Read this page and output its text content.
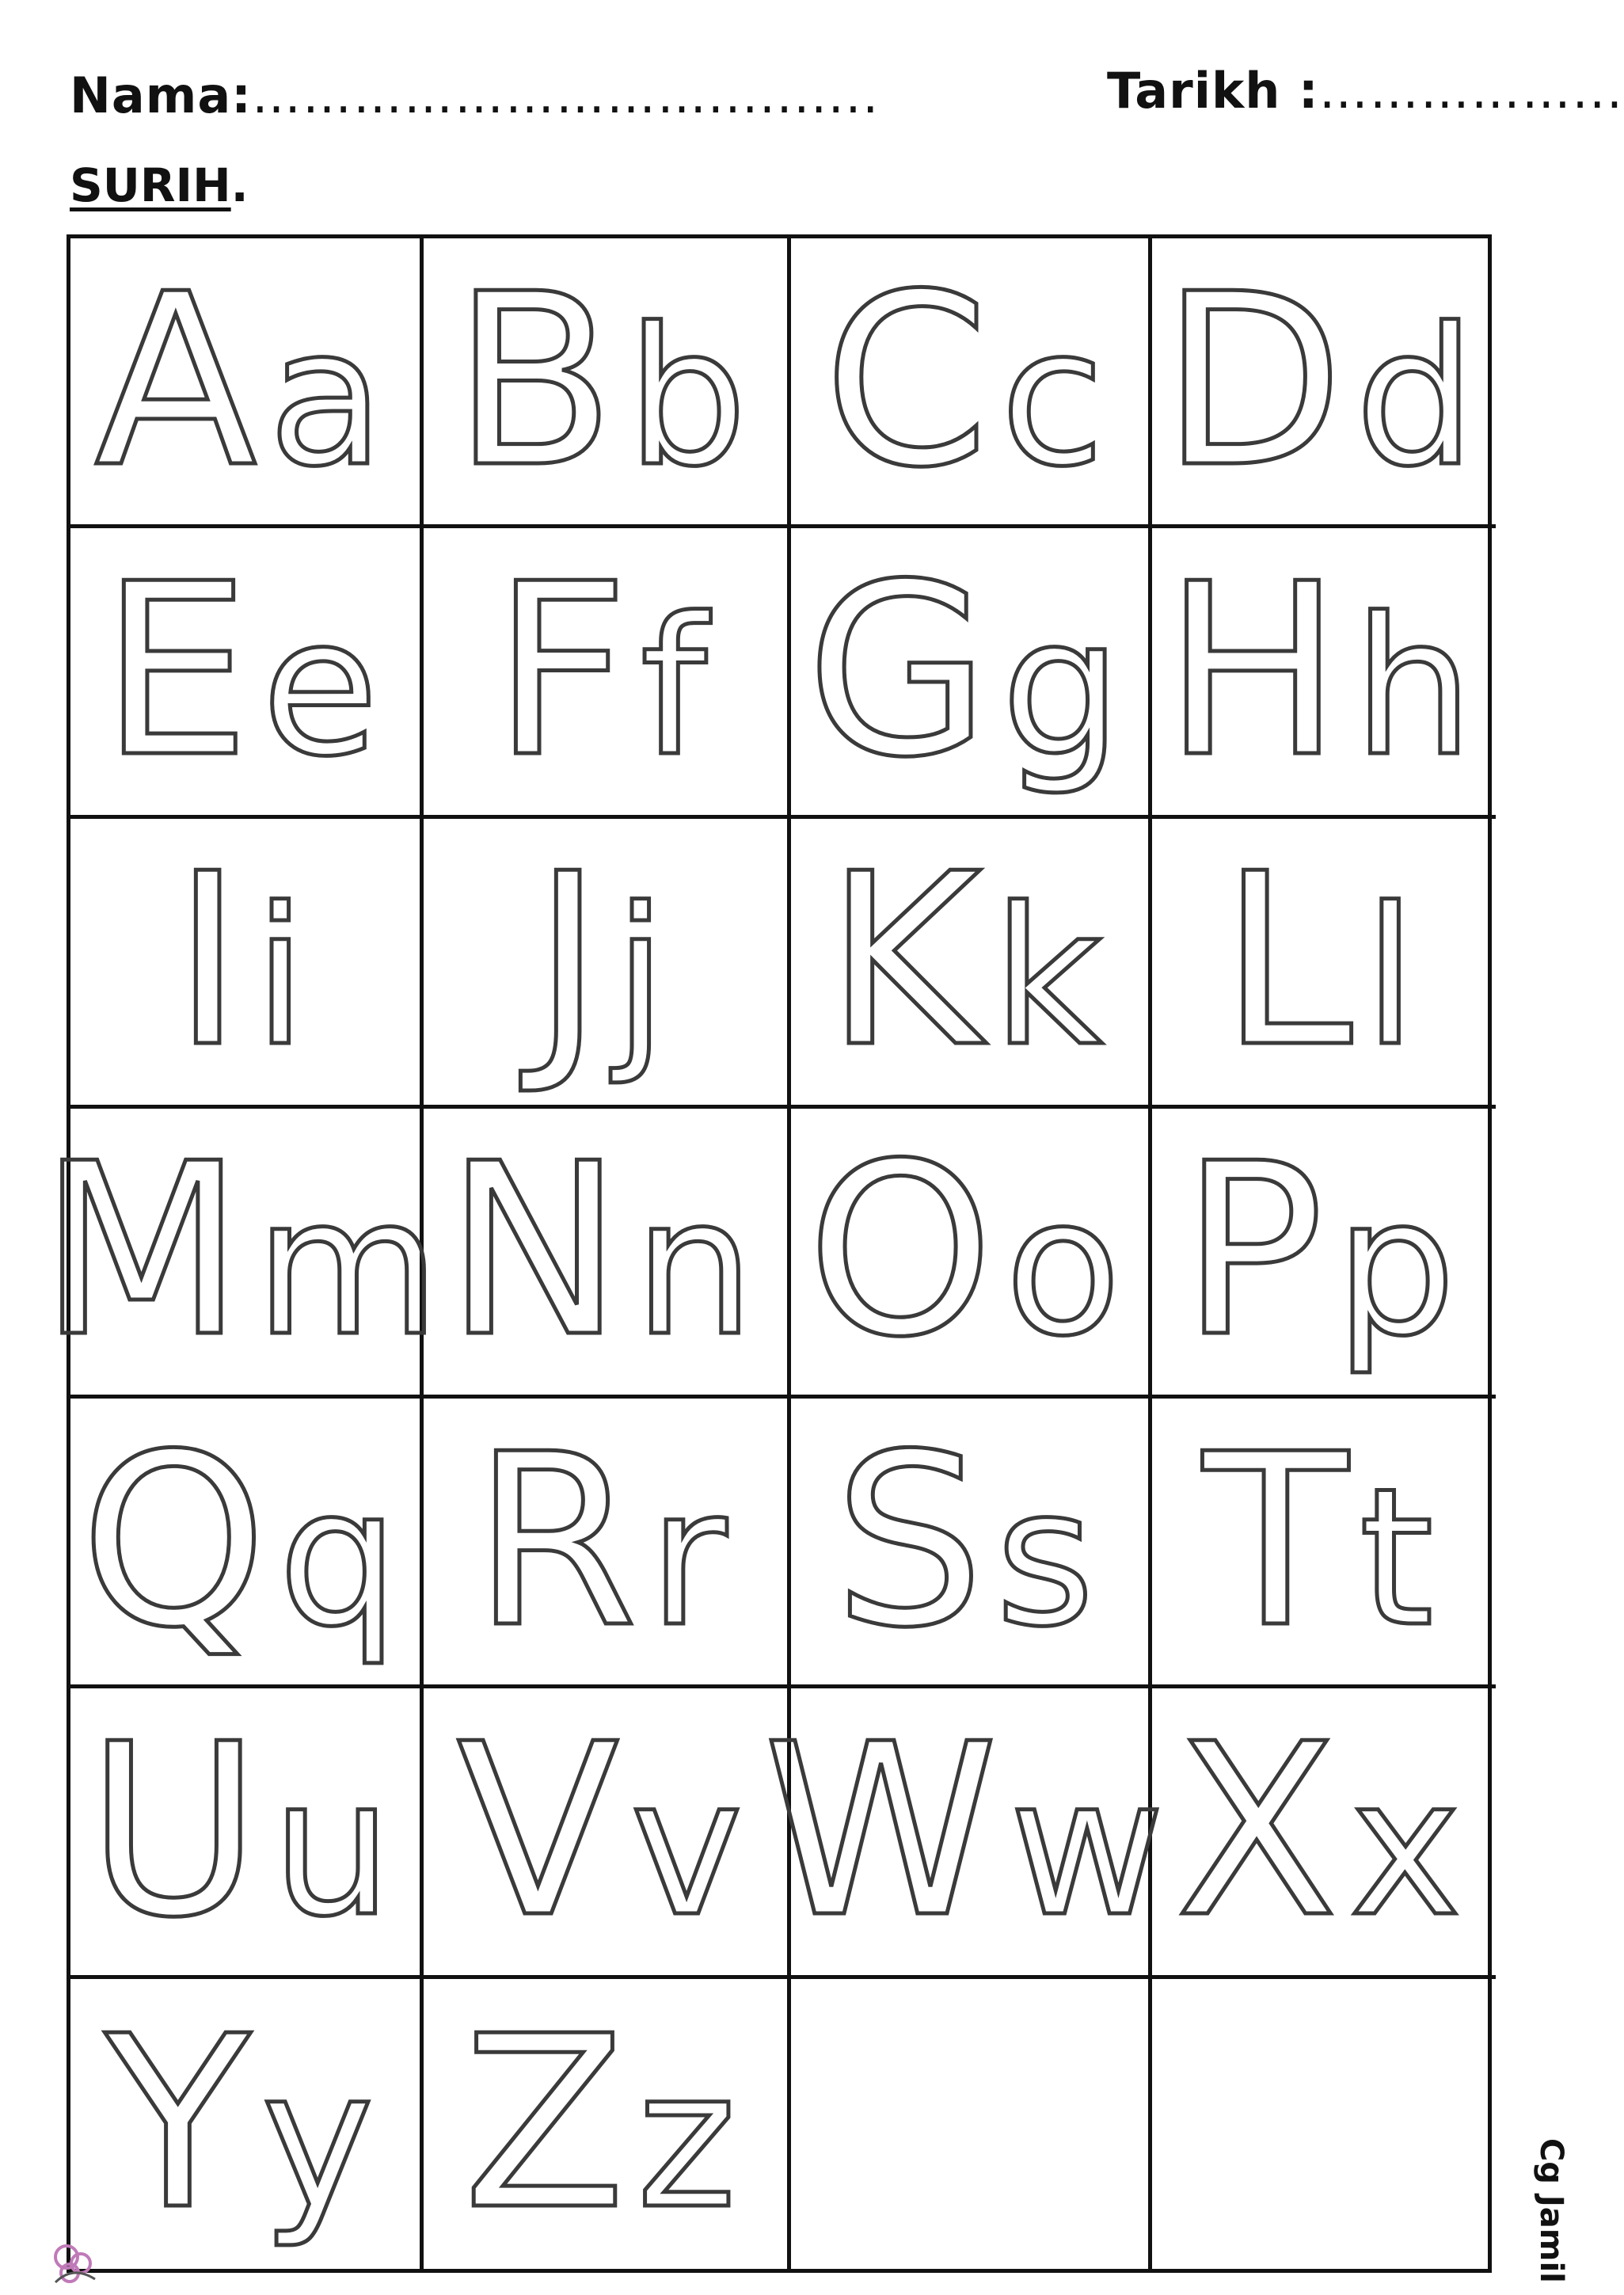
Nama:………………………..........	Tarikh :……………...
SURIH.
Aa Bb Cc Dd
Ee Ff Gg Hh
Ii Jj Kk Ll
Mm
Nn Oo Pp
Qq Rr Ss Tt
Uu Vv Ww Xx
Yy Zz	Cg Jamil
